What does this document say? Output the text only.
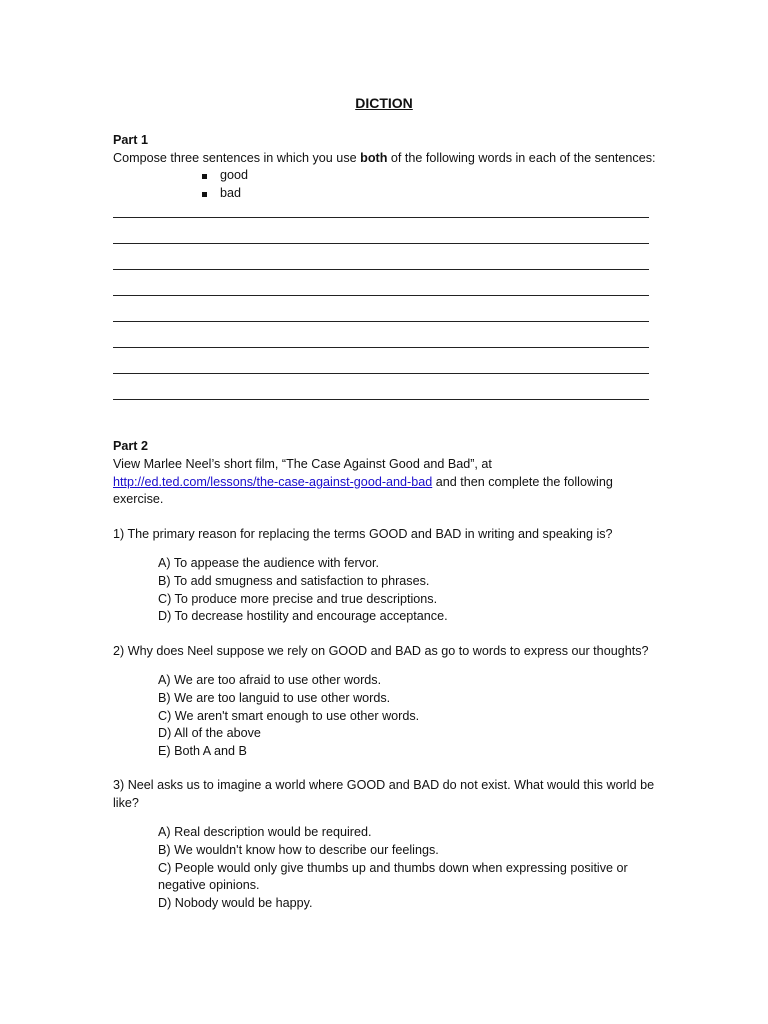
DICTION
Part 1
Compose three sentences in which you use both of the following words in each of the sentences:
good
bad
Part 2
View Marlee Neel’s short film, “The Case Against Good and Bad”, at
http://ed.ted.com/lessons/the-case-against-good-and-bad and then complete the following exercise.
1) The primary reason for replacing the terms GOOD and BAD in writing and speaking is?
A) To appease the audience with fervor.
B) To add smugness and satisfaction to phrases.
C) To produce more precise and true descriptions.
D) To decrease hostility and encourage acceptance.
2) Why does Neel suppose we rely on GOOD and BAD as go to words to express our thoughts?
A) We are too afraid to use other words.
B) We are too languid to use other words.
C) We aren't smart enough to use other words.
D) All of the above
E) Both A and B
3) Neel asks us to imagine a world where GOOD and BAD do not exist. What would this world be like?
A) Real description would be required.
B) We wouldn't know how to describe our feelings.
C) People would only give thumbs up and thumbs down when expressing positive or negative opinions.
D) Nobody would be happy.
